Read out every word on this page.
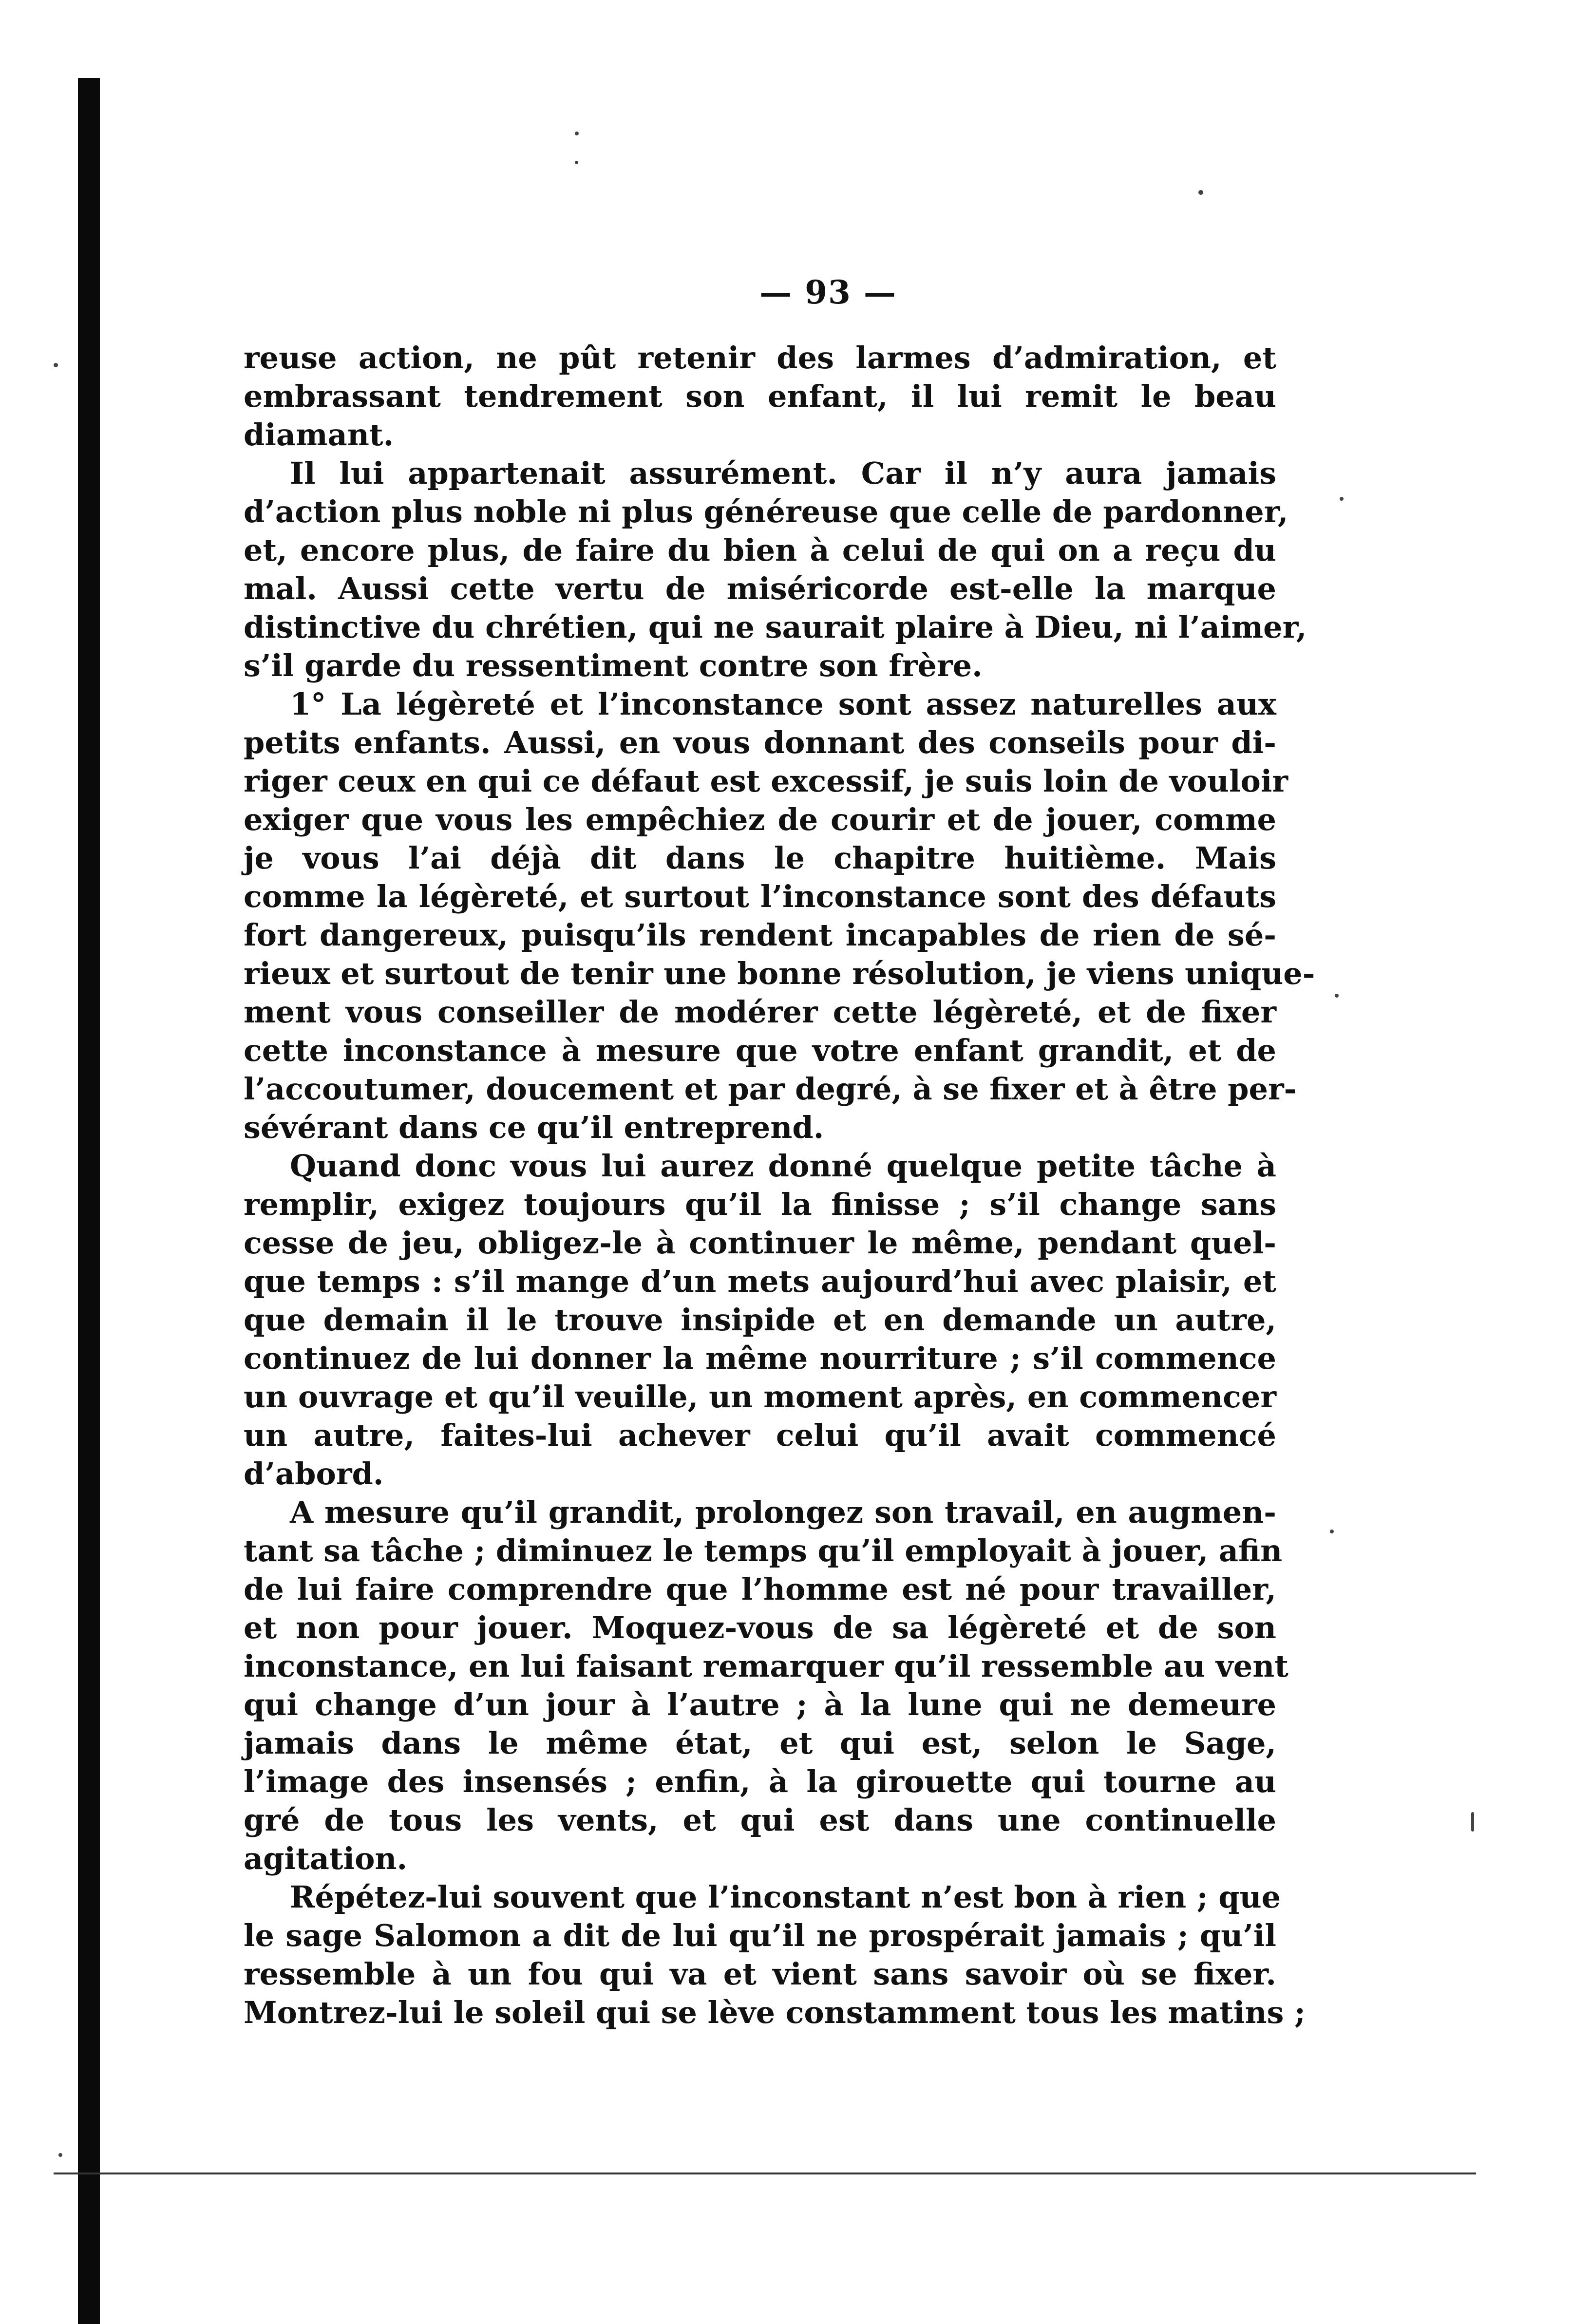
— 93 —
reuse action, ne pût retenir des larmes d’admiration, et
embrassant tendrement son enfant, il lui remit le beau
diamant.
Il lui appartenait assurément. Car il n’y aura jamais
d’action plus noble ni plus généreuse que celle de pardonner,
et, encore plus, de faire du bien à celui de qui on a reçu du
mal. Aussi cette vertu de miséricorde est-elle la marque
distinctive du chrétien, qui ne saurait plaire à Dieu, ni l’aimer,
s’il garde du ressentiment contre son frère.
1° La légèreté et l’inconstance sont assez naturelles aux
petits enfants. Aussi, en vous donnant des conseils pour di-
riger ceux en qui ce défaut est excessif, je suis loin de vouloir
exiger que vous les empêchiez de courir et de jouer, comme
je vous l’ai déjà dit dans le chapitre huitième. Mais
comme la légèreté, et surtout l’inconstance sont des défauts
fort dangereux, puisqu’ils rendent incapables de rien de sé-
rieux et surtout de tenir une bonne résolution, je viens unique-
ment vous conseiller de modérer cette légèreté, et de fixer
cette inconstance à mesure que votre enfant grandit, et de
l’accoutumer, doucement et par degré, à se fixer et à être per-
sévérant dans ce qu’il entreprend.
Quand donc vous lui aurez donné quelque petite tâche à
remplir, exigez toujours qu’il la finisse ; s’il change sans
cesse de jeu, obligez-le à continuer le même, pendant quel-
que temps : s’il mange d’un mets aujourd’hui avec plaisir, et
que demain il le trouve insipide et en demande un autre,
continuez de lui donner la même nourriture ; s’il commence
un ouvrage et qu’il veuille, un moment après, en commencer
un autre, faites-lui achever celui qu’il avait commencé
d’abord.
A mesure qu’il grandit, prolongez son travail, en augmen-
tant sa tâche ; diminuez le temps qu’il employait à jouer, afin
de lui faire comprendre que l’homme est né pour travailler,
et non pour jouer. Moquez-vous de sa légèreté et de son
inconstance, en lui faisant remarquer qu’il ressemble au vent
qui change d’un jour à l’autre ; à la lune qui ne demeure
jamais dans le même état, et qui est, selon le Sage,
l’image des insensés ; enfin, à la girouette qui tourne au
gré de tous les vents, et qui est dans une continuelle
agitation.
Répétez-lui souvent que l’inconstant n’est bon à rien ; que
le sage Salomon a dit de lui qu’il ne prospérait jamais ; qu’il
ressemble à un fou qui va et vient sans savoir où se fixer.
Montrez-lui le soleil qui se lève constamment tous les matins ;
